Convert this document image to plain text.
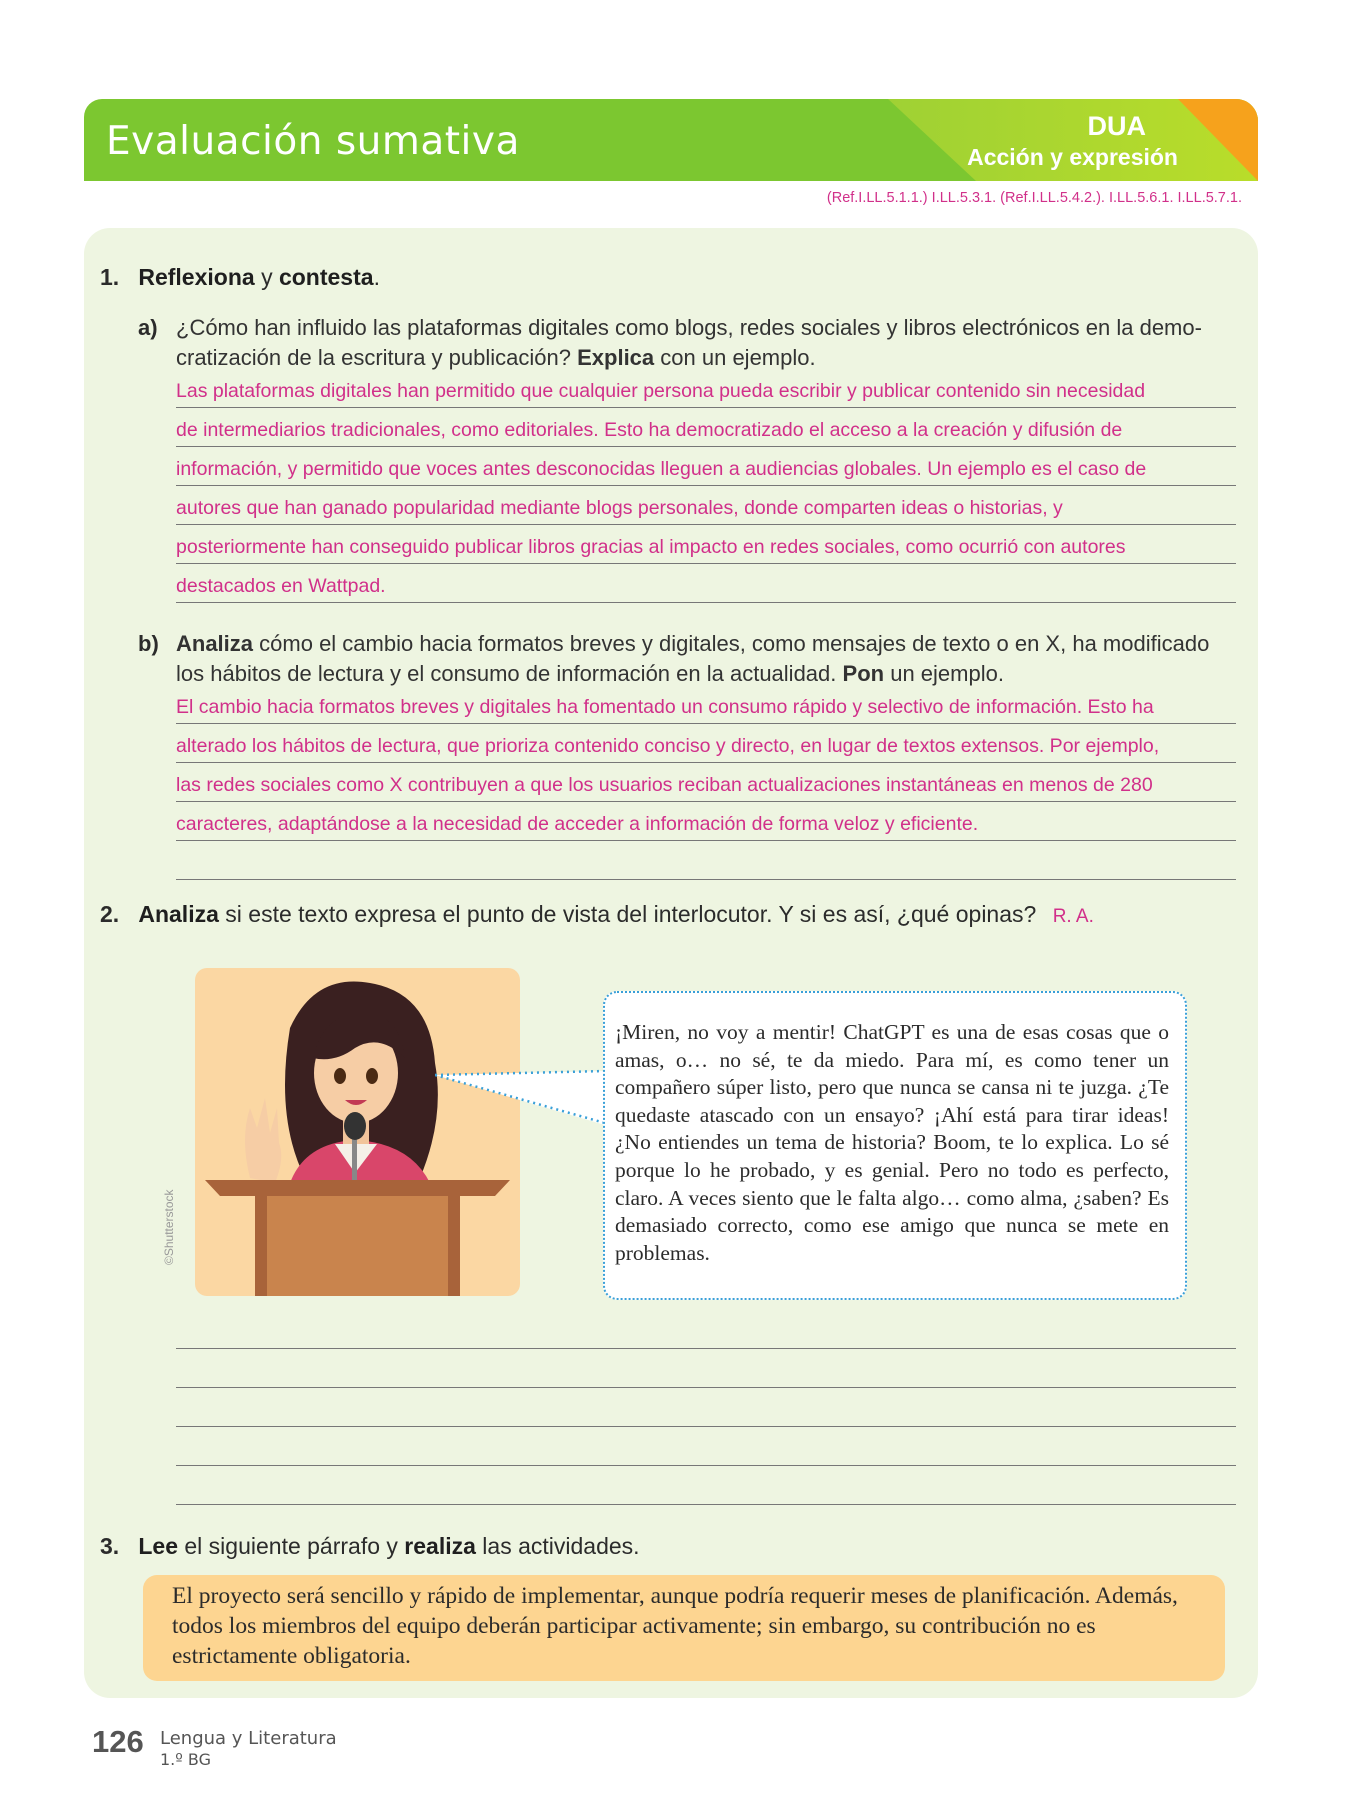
Evaluación sumativa	DUA
Acción y expresión
(Ref.I.LL.5.1.1.) I.LL.5.3.1. (Ref.I.LL.5.4.2.). I.LL.5.6.1. I.LL.5.7.1.
1. Reflexiona y contesta.
a) ¿Cómo han influido las plataformas digitales como blogs, redes sociales y libros electrónicos en la demo- cratización de la escritura y publicación? Explica con un ejemplo.
Las plataformas digitales han permitido que cualquier persona pueda escribir y publicar contenido sin necesidad
de intermediarios tradicionales, como editoriales. Esto ha democratizado el acceso a la creación y difusión de
información, y permitido que voces antes desconocidas lleguen a audiencias globales. Un ejemplo es el caso de
autores que han ganado popularidad mediante blogs personales, donde comparten ideas o historias, y
posteriormente han conseguido publicar libros gracias al impacto en redes sociales, como ocurrió con autores
destacados en Wattpad.
b) Analiza cómo el cambio hacia formatos breves y digitales, como mensajes de texto o en X, ha modificado los hábitos de lectura y el consumo de información en la actualidad. Pon un ejemplo.
El cambio hacia formatos breves y digitales ha fomentado un consumo rápido y selectivo de información. Esto ha
alterado los hábitos de lectura, que prioriza contenido conciso y directo, en lugar de textos extensos. Por ejemplo,
las redes sociales como X contribuyen a que los usuarios reciban actualizaciones instantáneas en menos de 280
caracteres, adaptándose a la necesidad de acceder a información de forma veloz y eficiente.
2. Analiza si este texto expresa el punto de vista del interlocutor. Y si es así, ¿qué opinas? R. A.
©Shutterstock
¡Miren, no voy a mentir! ChatGPT es una de esas cosas que o amas, o… no sé, te da miedo. Para mí, es como tener un compañero súper listo, pero que nunca se cansa ni te juzga. ¿Te quedaste atascado con un ensayo? ¡Ahí está para tirar ideas! ¿No entiendes un tema de historia? Boom, te lo explica. Lo sé porque lo he probado, y es genial. Pero no todo es perfecto, claro. A veces siento que le falta algo… como alma, ¿saben? Es demasiado correcto, como ese amigo que nunca se mete en problemas.
3. Lee el siguiente párrafo y realiza las actividades.
El proyecto será sencillo y rápido de implementar, aunque podría requerir meses de planificación. Además, todos los miembros del equipo deberán participar activamente; sin embargo, su contribución no es estrictamente obligatoria.
126 Lengua y Literatura
1.º BG
